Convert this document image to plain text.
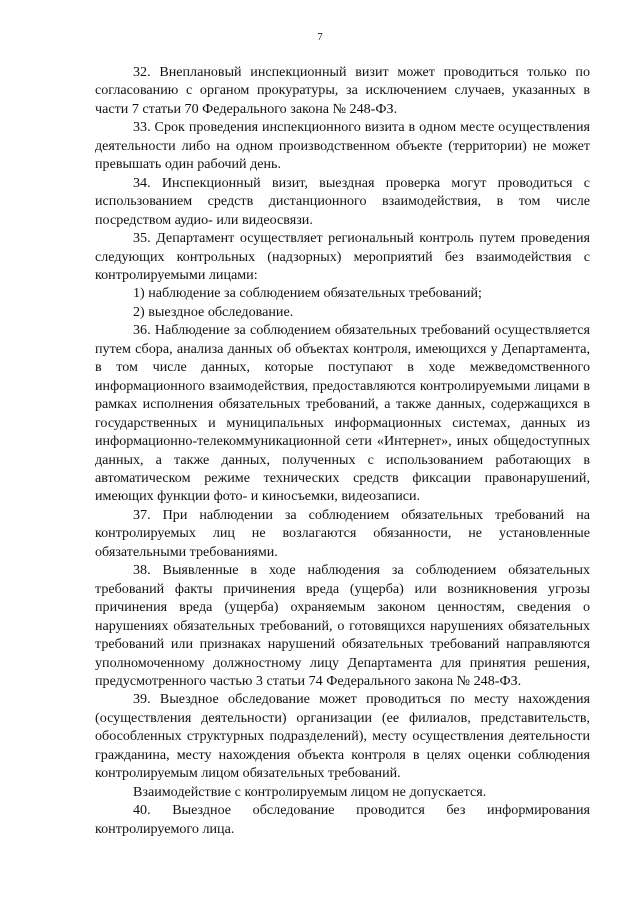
7

32. Внеплановый инспекционный визит может проводиться только по согласованию с органом прокуратуры, за исключением случаев, указанных в части 7 статьи 70 Федерального закона № 248-ФЗ.

33. Срок проведения инспекционного визита в одном месте осуществления деятельности либо на одном производственном объекте (территории) не может превышать один рабочий день.

34. Инспекционный визит, выездная проверка могут проводиться с использованием средств дистанционного взаимодействия, в том числе посредством аудио- или видеосвязи.

35. Департамент осуществляет региональный контроль путем проведения следующих контрольных (надзорных) мероприятий без взаимодействия с контролируемыми лицами:

1) наблюдение за соблюдением обязательных требований;

2) выездное обследование.

36. Наблюдение за соблюдением обязательных требований осуществляется путем сбора, анализа данных об объектах контроля, имеющихся у Департамента, в том числе данных, которые поступают в ходе межведомственного информационного взаимодействия, предоставляются контролируемыми лицами в рамках исполнения обязательных требований, а также данных, содержащихся в государственных и муниципальных информационных системах, данных из информационно-телекоммуникационной сети «Интернет», иных общедоступных данных, а также данных, полученных с использованием работающих в автоматическом режиме технических средств фиксации правонарушений, имеющих функции фото- и киносъемки, видеозаписи.

37. При наблюдении за соблюдением обязательных требований на контролируемых лиц не возлагаются обязанности, не установленные обязательными требованиями.

38. Выявленные в ходе наблюдения за соблюдением обязательных требований факты причинения вреда (ущерба) или возникновения угрозы причинения вреда (ущерба) охраняемым законом ценностям, сведения о нарушениях обязательных требований, о готовящихся нарушениях обязательных требований или признаках нарушений обязательных требований направляются уполномоченному должностному лицу Департамента для принятия решения, предусмотренного частью 3 статьи 74 Федерального закона № 248-ФЗ.

39. Выездное обследование может проводиться по месту нахождения (осуществления деятельности) организации (ее филиалов, представительств, обособленных структурных подразделений), месту осуществления деятельности гражданина, месту нахождения объекта контроля в целях оценки соблюдения контролируемым лицом обязательных требований.

Взаимодействие с контролируемым лицом не допускается.

40. Выездное обследование проводится без информирования контролируемого лица.
